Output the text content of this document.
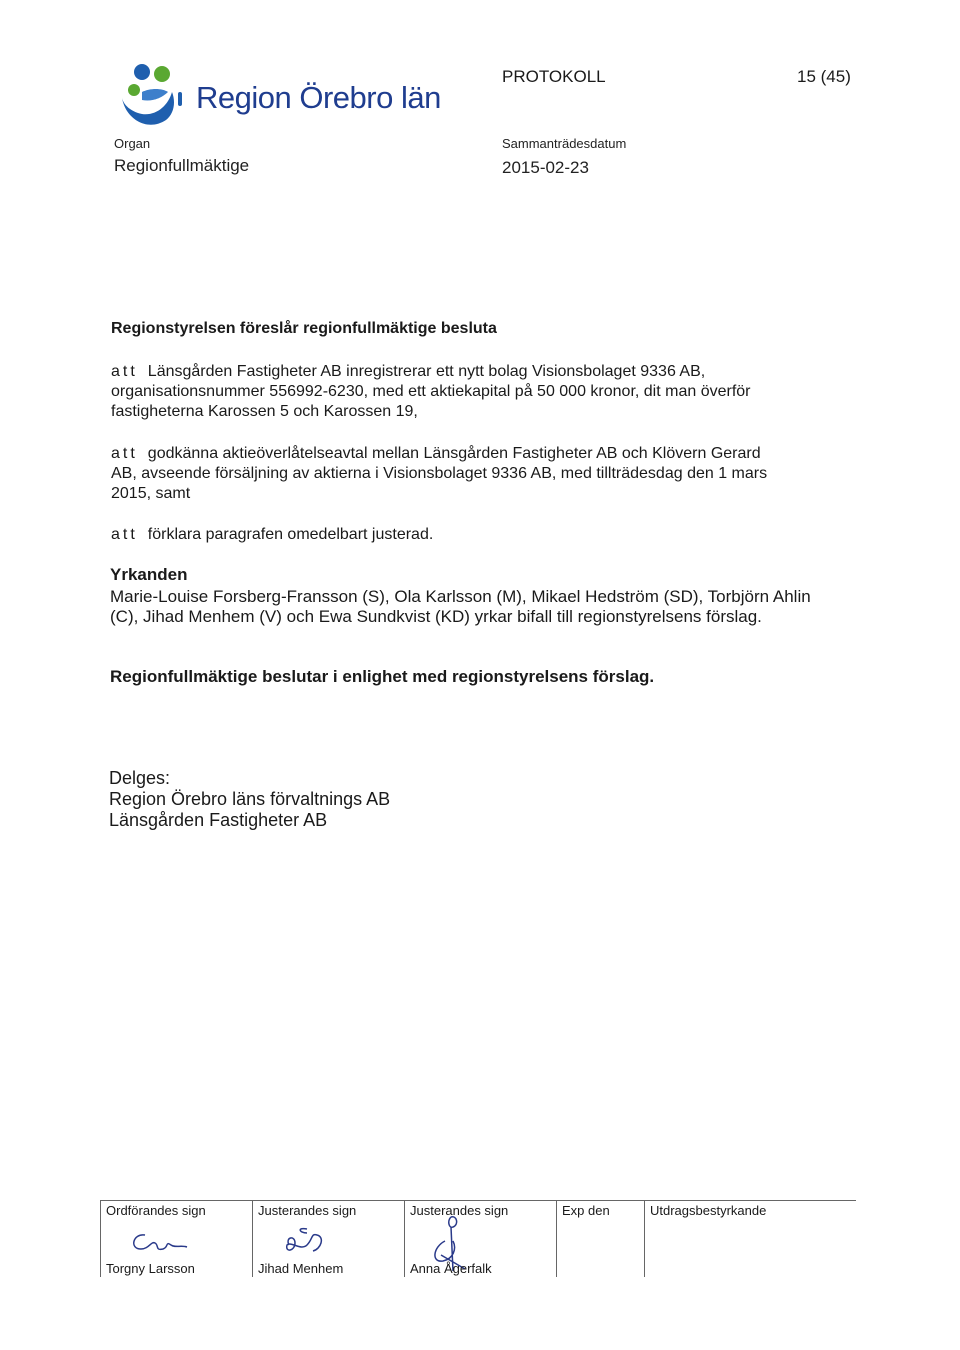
Region Örebro län
PROTOKOLL	15 (45)
Organ
Regionfullmäktige
Sammanträdesdatum
2015-02-23
Regionstyrelsen föreslår regionfullmäktige besluta
att Länsgården Fastigheter AB inregistrerar ett nytt bolag Visionsbolaget 9336 AB,
organisationsnummer 556992-6230, med ett aktiekapital på 50 000 kronor, dit man överför
fastigheterna Karossen 5 och Karossen 19,
att godkänna aktieöverlåtelseavtal mellan Länsgården Fastigheter AB och Klövern Gerard
AB, avseende försäljning av aktierna i Visionsbolaget 9336 AB, med tillträdesdag den 1 mars
2015, samt
att förklara paragrafen omedelbart justerad.
Yrkanden
Marie-Louise Forsberg-Fransson (S), Ola Karlsson (M), Mikael Hedström (SD), Torbjörn Ahlin
(C), Jihad Menhem (V) och Ewa Sundkvist (KD) yrkar bifall till regionstyrelsens förslag.
Regionfullmäktige beslutar i enlighet med regionstyrelsens förslag.
Delges:
Region Örebro läns förvaltnings AB
Länsgården Fastigheter AB
Ordförandes sign
Torgny Larsson
Justerandes sign
Jihad Menhem
Justerandes sign
Anna Ågerfalk
Exp den	Utdragsbestyrkande
